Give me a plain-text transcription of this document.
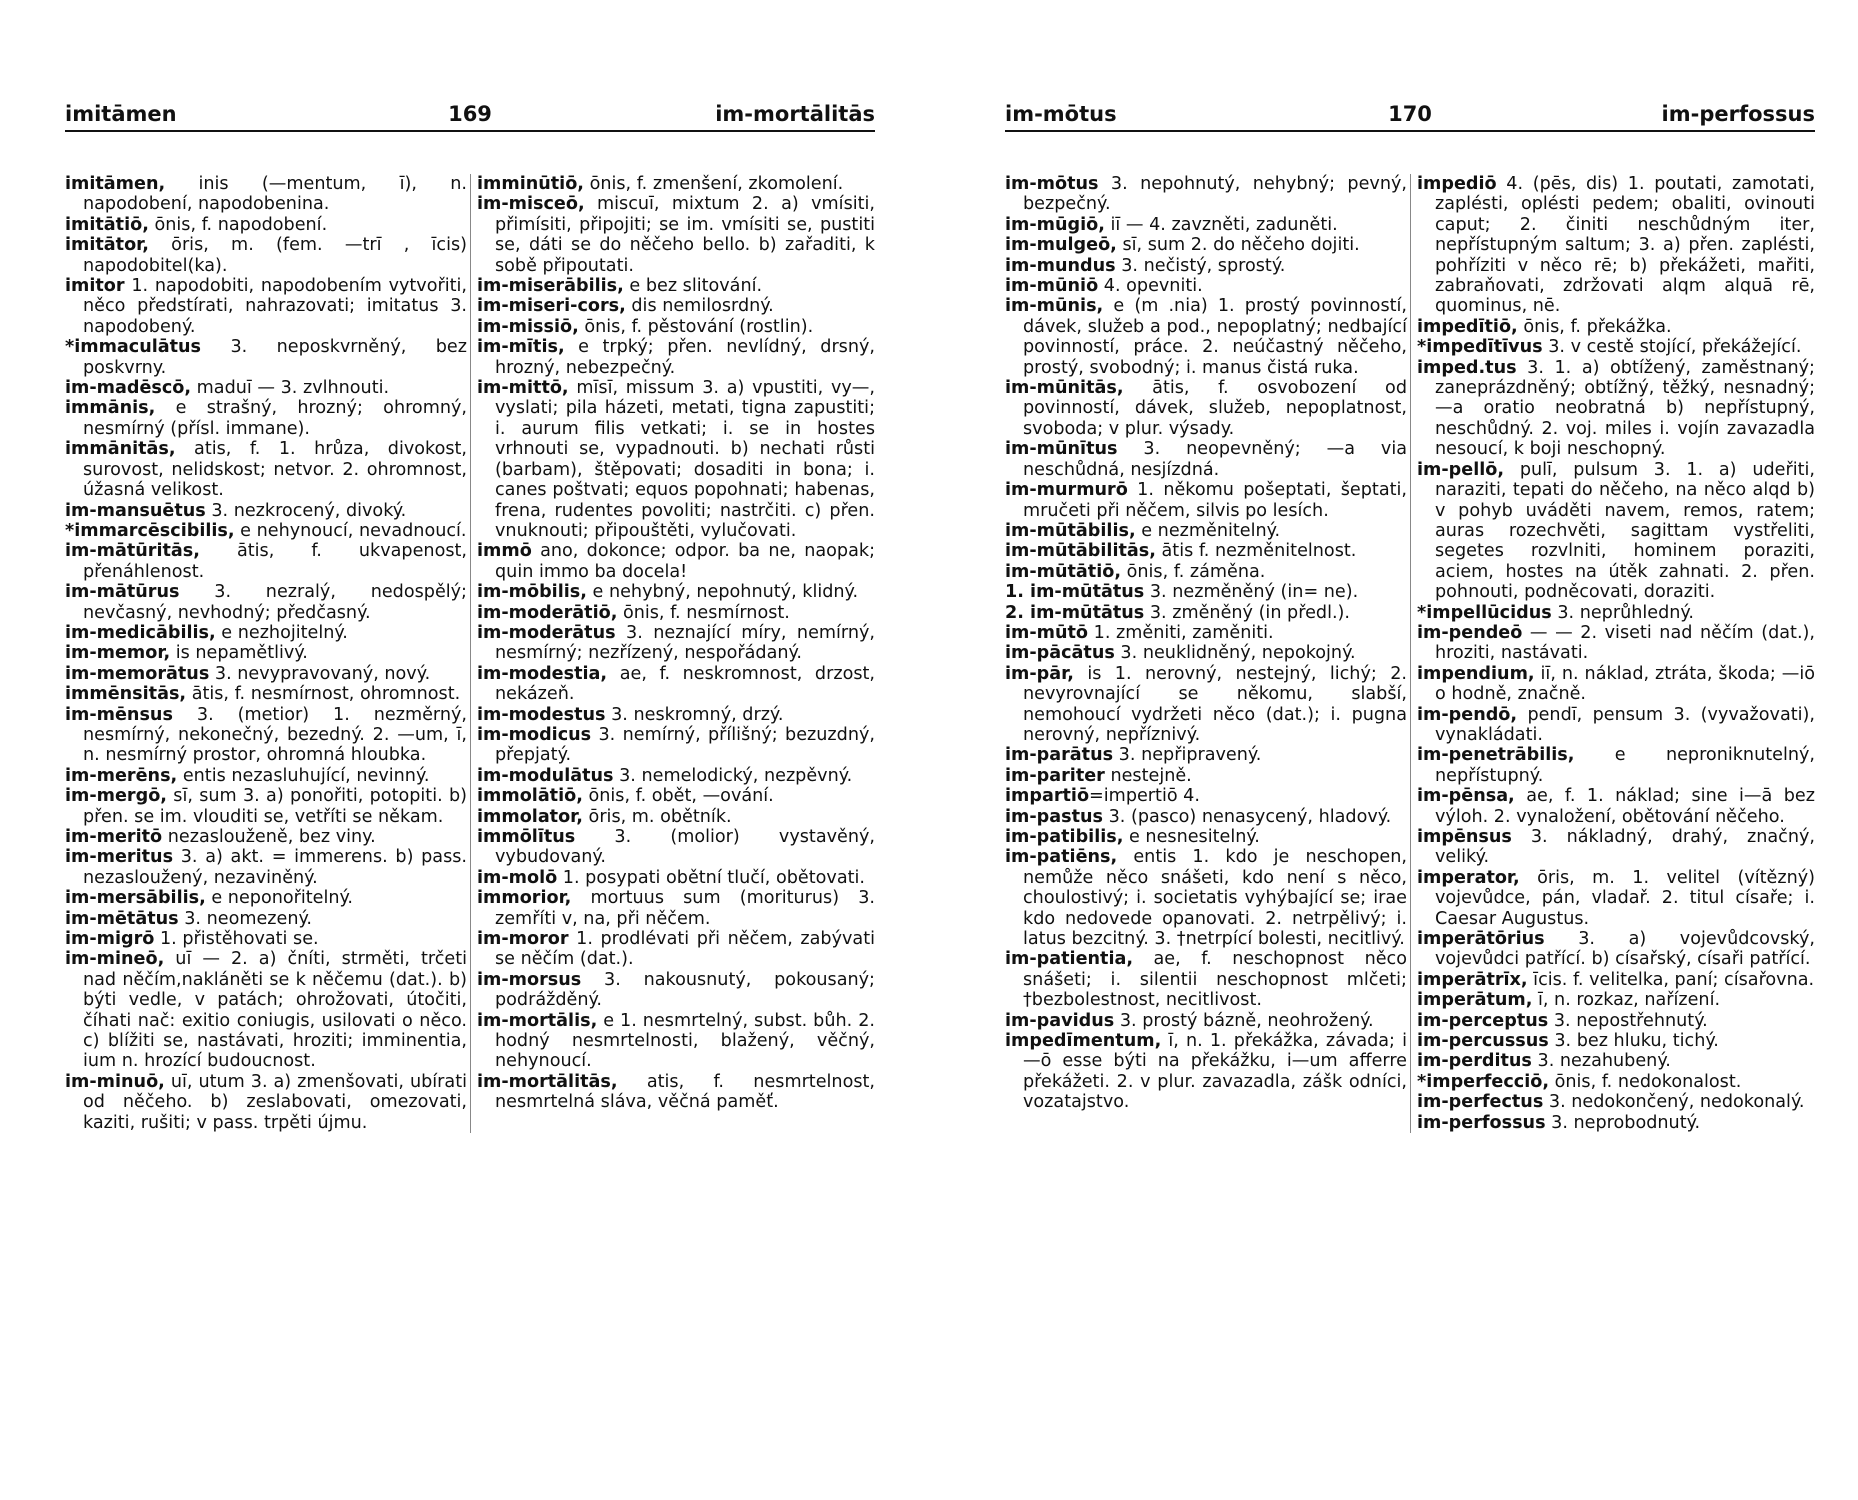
imitāmen	169	im-mortālitās

imitāmen, inis (—mentum, ī), n. napodobení, napodobenina.

imitātiō, ōnis, f. napodobení.

imitātor, ōris, m. (fem. —trī , īcis) napodobitel(ka).

imitor 1. napodobiti, napodobením vytvořiti, něco předstírati, nahrazovati; imitatus 3. napodobený.

*immaculātus 3. neposkvrněný, bez poskvrny.

im-madēscō, maduī — 3. zvlhnouti.

immānis, e strašný, hrozný; ohromný, nesmírný (přísl. immane).

immānitās, atis, f. 1. hrůza, divokost, surovost, nelidskost; netvor. 2. ohromnost, úžasná velikost.

im-mansuētus 3. nezkrocený, divoký.

*immarcēscibilis, e nehynoucí, nevadnoucí.

im-mātūritās, ātis, f. ukvapenost, přenáhlenost.

im-mātūrus 3. nezralý, nedospělý; nevčasný, nevhodný; předčasný.

im-medicābilis, e nezhojitelný.

im-memor, is nepamětlivý.

im-memorātus 3. nevypravovaný, nový.

immēnsitās, ātis, f. nesmírnost, ohromnost.

im-mēnsus 3. (metior) 1. nezměrný, nesmírný, nekonečný, bezedný. 2. —um, ī, n. nesmírný prostor, ohromná hloubka.

im-merēns, entis nezasluhující, nevinný.

im-mergō, sī, sum 3. a) ponořiti, potopiti. b) přen. se im. vlouditi se, vetříti se někam.

im-meritō nezaslouženě, bez viny.

im-meritus 3. a) akt. = immerens. b) pass. nezasloužený, nezaviněný.

im-mersābilis, e neponořitelný.

im-mētātus 3. neomezený.

im-migrō 1. přistěhovati se.

im-mineō, uī — 2. a) čníti, strměti, trčeti nad něčím,nakláněti se k něčemu (dat.). b) býti vedle, v patách; ohrožovati, útočiti, číhati nač: exitio coniugis, usilovati o něco. c) blížiti se, nastávati, hroziti; imminentia, ium n. hrozící budoucnost.

im-minuō, uī, utum 3. a) zmenšovati, ubírati od něčeho. b) zeslabovati, omezovati, kaziti, rušiti; v pass. trpěti újmu.

imminūtiō, ōnis, f. zmenšení, zkomolení.

im-misceō, miscuī, mixtum 2. a) vmísiti, přimísiti, připojiti; se im. vmísiti se, pustiti se, dáti se do něčeho bello. b) zařaditi, k sobě připoutati.

im-miserābilis, e bez slitování.

im-miseri-cors, dis nemilosrdný.

im-missiō, ōnis, f. pěstování (rostlin).

im-mītis, e trpký; přen. nevlídný, drsný, hrozný, nebezpečný.

im-mittō, mīsī, missum 3. a) vpustiti, vy—, vyslati; pila házeti, metati, tigna zapustiti; i. aurum filis vetkati; i. se in hostes vrhnouti se, vypadnouti. b) nechati růsti (barbam), štěpovati; dosaditi in bona; i. canes poštvati; equos popohnati; habenas, frena, rudentes povoliti; nastrčiti. c) přen. vnuknouti; připouštěti, vylučovati.

immō ano, dokonce; odpor. ba ne, naopak; quin immo ba docela!

im-mōbilis, e nehybný, nepohnutý, klidný.

im-moderātiō, ōnis, f. nesmírnost.

im-moderātus 3. neznající míry, nemírný, nesmírný; nezřízený, nespořádaný.

im-modestia, ae, f. neskromnost, drzost, nekázeň.

im-modestus 3. neskromný, drzý.

im-modicus 3. nemírný, přílišný; bezuzdný, přepjatý.

im-modulātus 3. nemelodický, nezpěvný.

immolātiō, ōnis, f. obět, —ování.

immolator, ōris, m. obětník.

immōlītus 3. (molior) vystavěný, vybudovaný.

im-molō 1. posypati obětní tlučí, obětovati.

immorior, mortuus sum (moriturus) 3. zemříti v, na, při něčem.

im-moror 1. prodlévati při něčem, zabývati se něčím (dat.).

im-morsus 3. nakousnutý, pokousaný; podrážděný.

im-mortālis, e 1. nesmrtelný, subst. bůh. 2. hodný nesmrtelnosti, blažený, věčný, nehynoucí.

im-mortālitās, atis, f. nesmrtelnost, nesmrtelná sláva, věčná paměť.

im-mōtus	170	im-perfossus

im-mōtus 3. nepohnutý, nehybný; pevný, bezpečný.

im-mūgiō, iī — 4. zavzněti, zaduněti.

im-mulgeō, sī, sum 2. do něčeho dojiti.

im-mundus 3. nečistý, sprostý.

im-mūniō 4. opevniti.

im-mūnis, e (m .nia) 1. prostý povinností, dávek, služeb a pod., nepoplatný; nedbající povinností, práce. 2. neúčastný něčeho, prostý, svobodný; i. manus čistá ruka.

im-mūnitās, ātis, f. osvobození od povinností, dávek, služeb, nepoplatnost, svoboda; v plur. výsady.

im-mūnītus 3. neopevněný; —a via neschůdná, nesjízdná.

im-murmurō 1. někomu pošeptati, šeptati, mručeti při něčem, silvis po lesích.

im-mūtābilis, e nezměnitelný.

im-mūtābilitās, ātis f. nezměnitelnost.

im-mūtātiō, ōnis, f. záměna.

1. im-mūtātus 3. nezměněný (in= ne).

2. im-mūtātus 3. změněný (in předl.).

im-mūtō 1. změniti, zaměniti.

im-pācātus 3. neuklidněný, nepokojný.

im-pār, is 1. nerovný, nestejný, lichý; 2. nevyrovnající se někomu, slabší, nemohoucí vydržeti něco (dat.); i. pugna nerovný, nepříznivý.

im-parātus 3. nepřipravený.

im-pariter nestejně.

impartiō=impertiō 4.

im-pastus 3. (pasco) nenasycený, hladový.

im-patibilis, e nesnesitelný.

im-patiēns, entis 1. kdo je neschopen, nemůže něco snášeti, kdo není s něco, choulostivý; i. societatis vyhýbající se; irae kdo nedovede opanovati. 2. netrpělivý; i. latus bezcitný. 3. †netrpící bolesti, necitlivý.

im-patientia, ae, f. neschopnost něco snášeti; i. silentii neschopnost mlčeti; †bezbolestnost, necitlivost.

im-pavidus 3. prostý bázně, neohrožený.

impedīmentum, ī, n. 1. překážka, závada; i—ō esse býti na překážku, i—um afferre překážeti. 2. v plur. zavazadla, zášk odníci, vozatajstvo.

impediō 4. (pēs, dis) 1. poutati, zamotati, zaplésti, oplésti pedem; obaliti, ovinouti caput; 2. činiti neschůdným iter, nepřístupným saltum; 3. a) přen. zaplésti, pohříziti v něco rē; b) překážeti, mařiti, zabraňovati, zdržovati alqm alquā rē, quominus, nē.

impedītiō, ōnis, f. překážka.

*impedītīvus 3. v cestě stojící, překážející.

imped.tus 3. 1. a) obtížený, zaměstnaný; zaneprázdněný; obtížný, těžký, nesnadný; —a oratio neobratná b) nepřístupný, neschůdný. 2. voj. miles i. vojín zavazadla nesoucí, k boji neschopný.

im-pellō, pulī, pulsum 3. 1. a) udeřiti, naraziti, tepati do něčeho, na něco alqd b) v pohyb uváděti navem, remos, ratem; auras rozechvěti, sagittam vystřeliti, segetes rozvlniti, hominem poraziti, aciem, hostes na útěk zahnati. 2. přen. pohnouti, podněcovati, doraziti.

*impellūcidus 3. neprůhledný.

im-pendeō — — 2. viseti nad něčím (dat.), hroziti, nastávati.

impendium, iī, n. náklad, ztráta, škoda; —iō o hodně, značně.

im-pendō, pendī, pensum 3. (vyvažovati), vynakládati.

im-penetrābilis, e neproniknutelný, nepřístupný.

im-pēnsa, ae, f. 1. náklad; sine i—ā bez výloh. 2. vynaložení, obětování něčeho.

impēnsus 3. nákladný, drahý, značný, veliký.

imperator, ōris, m. 1. velitel (vítězný) vojevůdce, pán, vladař. 2. titul císaře; i. Caesar Augustus.

imperātōrius 3. a) vojevůdcovský, vojevůdci patřící. b) císařský, císaři patřící.

imperātrīx, īcis. f. velitelka, paní; císařovna.

imperātum, ī, n. rozkaz, nařízení.

im-perceptus 3. nepostřehnutý.

im-percussus 3. bez hluku, tichý.

im-perditus 3. nezahubený.

*imperfecciō, ōnis, f. nedokonalost.

im-perfectus 3. nedokončený, nedokonalý.

im-perfossus 3. neprobodnutý.
